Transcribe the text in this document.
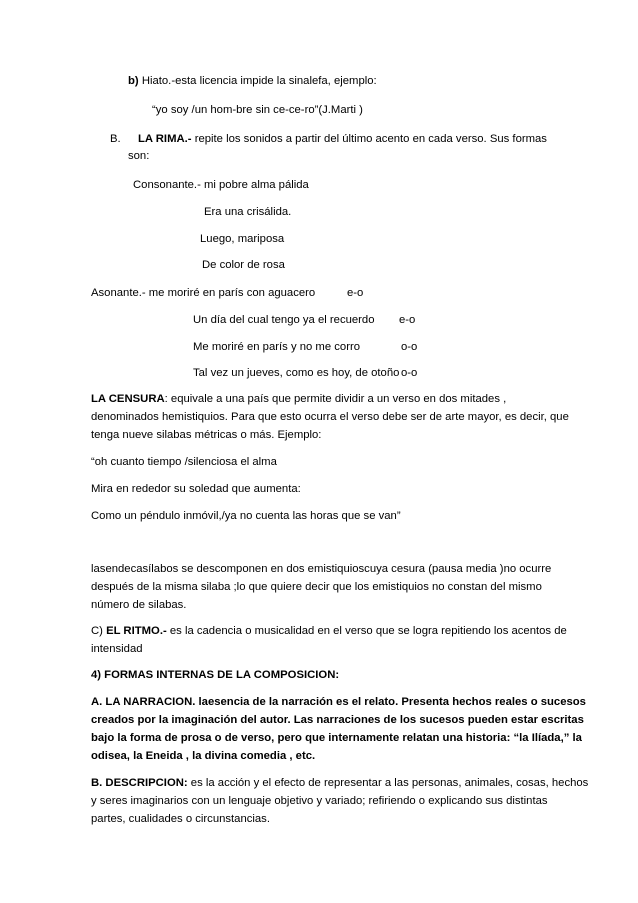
b) Hiato.-esta licencia impide la sinalefa, ejemplo:
“yo soy /un hom-bre sin ce-ce-ro”(J.Marti )
B. LA RIMA.- repite los sonidos a partir del último acento en cada verso. Sus formas
son:
Consonante.- mi pobre alma pálida
Era una crisálida.
Luego, mariposa
De color de rosa
Asonante.- me moriré en parís con aguacero	e-o
Un día del cual tengo ya el recuerdo e-o
Me moriré en parís y no me corro	o-o
Tal vez un jueves, como es hoy, de otoño o-o
LA CENSURA: equivale a una país que permite dividir a un verso en dos mitades ,
denominados hemistiquios. Para que esto ocurra el verso debe ser de arte mayor, es decir, que
tenga nueve silabas métricas o más. Ejemplo:
“oh cuanto tiempo /silenciosa el alma
Mira en rededor su soledad que aumenta:
Como un péndulo inmóvil,/ya no cuenta las horas que se van”
lasendecasílabos se descomponen en dos emistiquioscuya cesura (pausa media )no ocurre
después de la misma silaba ;lo que quiere decir que los emistiquios no constan del mismo
número de silabas.
C) EL RITMO.- es la cadencia o musicalidad en el verso que se logra repitiendo los acentos de
intensidad
4) FORMAS INTERNAS DE LA COMPOSICION:
A. LA NARRACION. laesencia de la narración es el relato. Presenta hechos reales o sucesos
creados por la imaginación del autor. Las narraciones de los sucesos pueden estar escritas
bajo la forma de prosa o de verso, pero que internamente relatan una historia: “la Ilíada,” la
odisea, la Eneida , la divina comedia , etc.
B. DESCRIPCION: es la acción y el efecto de representar a las personas, animales, cosas, hechos
y seres imaginarios con un lenguaje objetivo y variado; refiriendo o explicando sus distintas
partes, cualidades o circunstancias.
